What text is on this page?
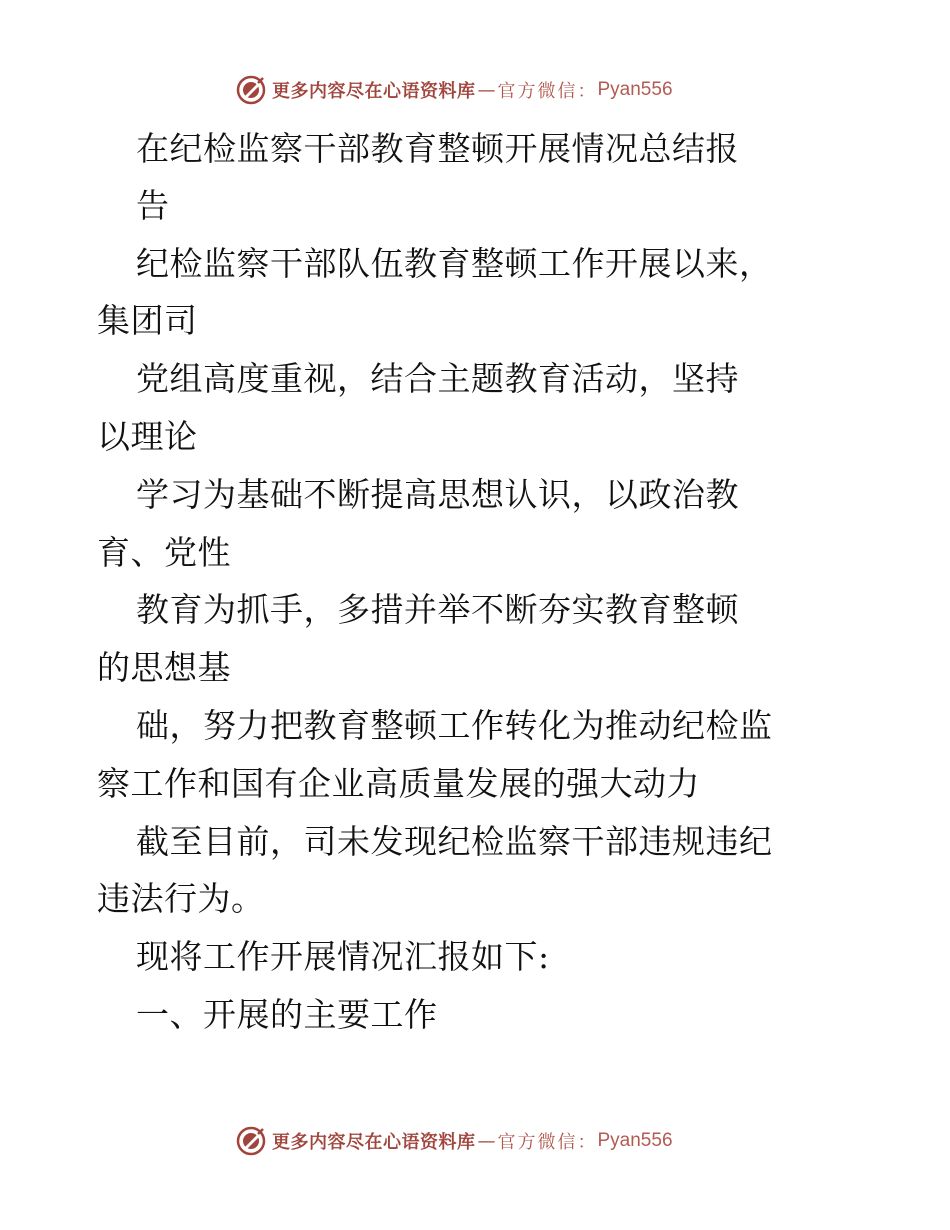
更多内容尽在心语资料库 — 官方微信： Pyan556
在纪检监察干部教育整顿开展情况总结报
告
纪检监察干部队伍教育整顿工作开展以来，
集团司
党组高度重视，结合主题教育活动，坚持
以理论
学习为基础不断提高思想认识，以政治教
育、党性
教育为抓手，多措并举不断夯实教育整顿
的思想基
础，努力把教育整顿工作转化为推动纪检监
察工作和国有企业高质量发展的强大动力
截至目前，司未发现纪检监察干部违规违纪
违法行为。
现将工作开展情况汇报如下:
一、开展的主要工作
更多内容尽在心语资料库 — 官方微信： Pyan556
